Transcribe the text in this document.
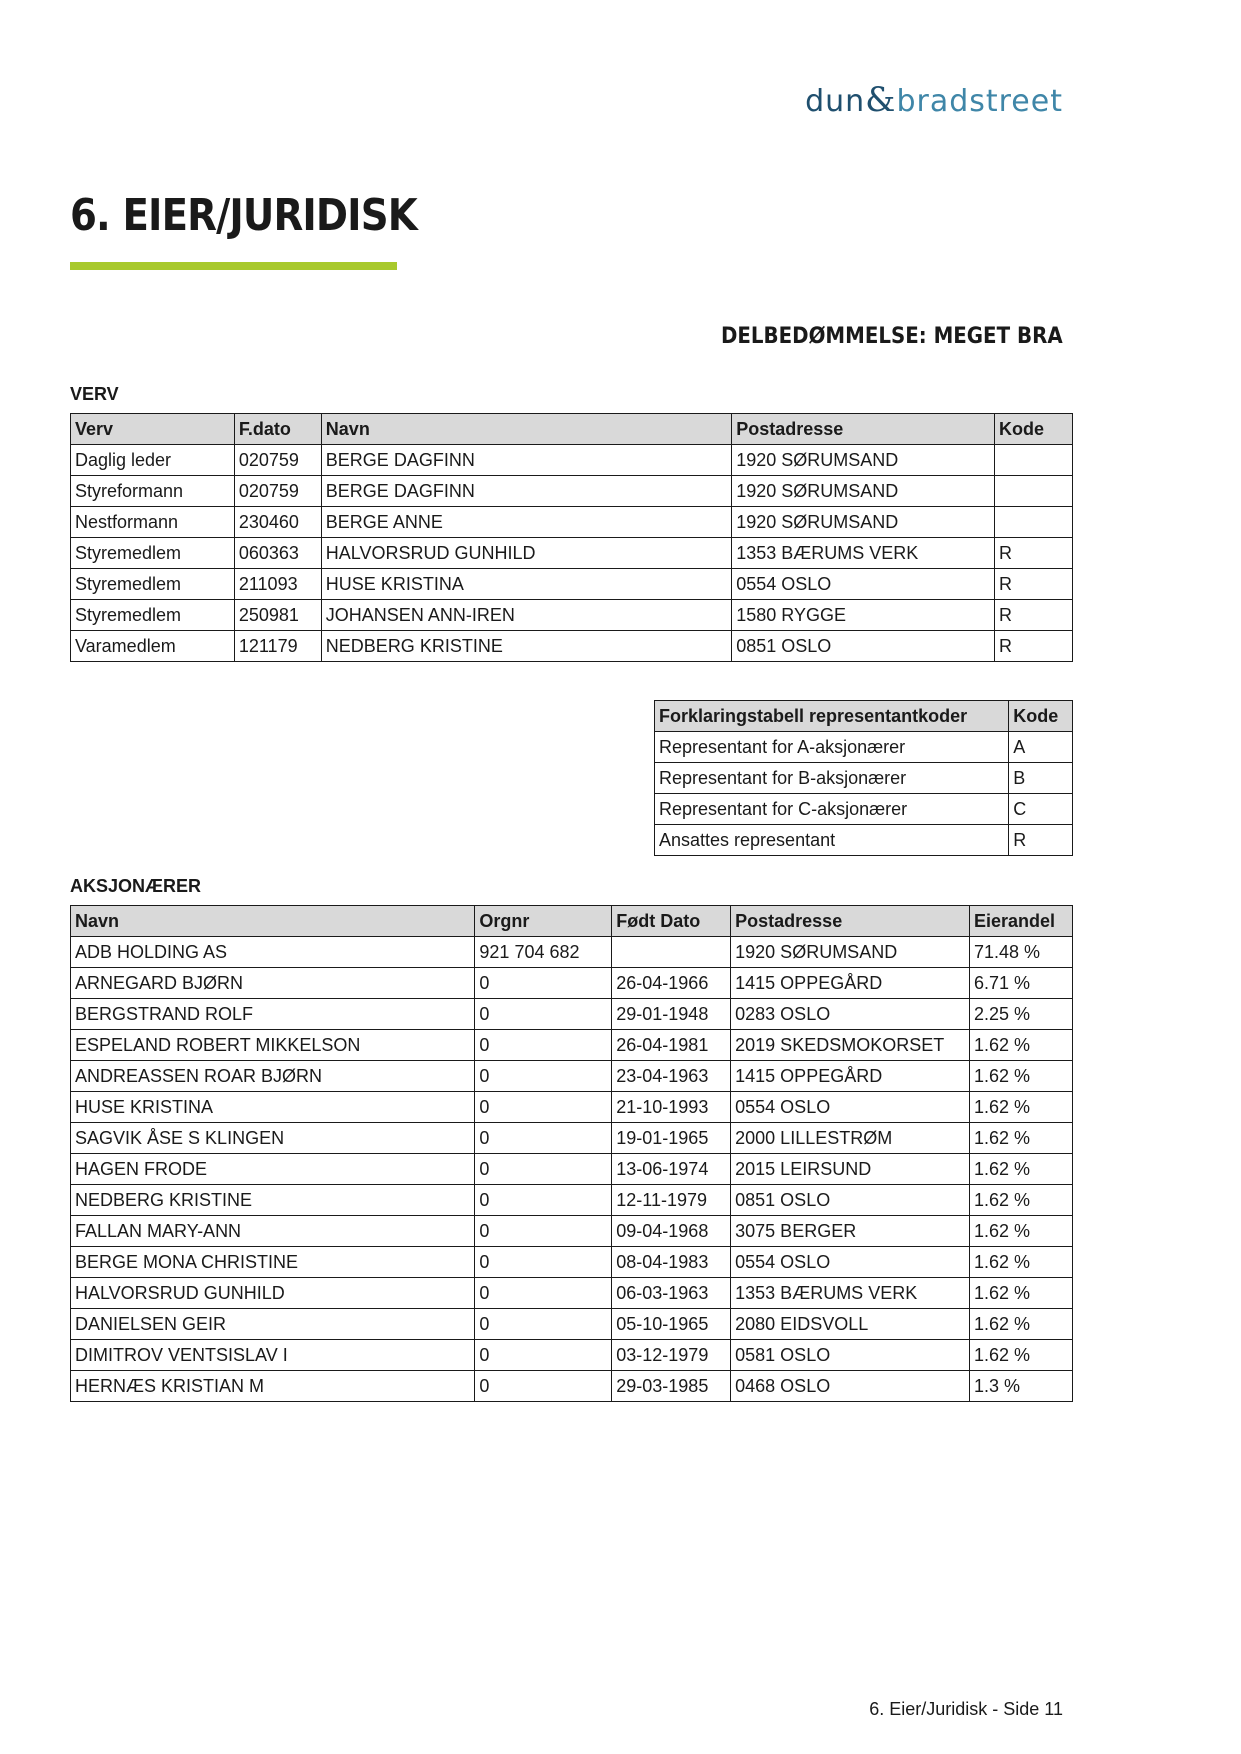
dun&bradstreet
6. EIER/JURIDISK
DELBEDØMMELSE: MEGET BRA
VERV
Verv	F.dato	Navn	Postadresse	Kode
Daglig leder	020759	BERGE DAGFINN	1920 SØRUMSAND	
Styreformann	020759	BERGE DAGFINN	1920 SØRUMSAND	
Nestformann	230460	BERGE ANNE	1920 SØRUMSAND	
Styremedlem	060363	HALVORSRUD GUNHILD	1353 BÆRUMS VERK	R
Styremedlem	211093	HUSE KRISTINA	0554 OSLO	R
Styremedlem	250981	JOHANSEN ANN-IREN	1580 RYGGE	R
Varamedlem	121179	NEDBERG KRISTINE	0851 OSLO	R
Forklaringstabell representantkoder	Kode
Representant for A-aksjonærer	A
Representant for B-aksjonærer	B
Representant for C-aksjonærer	C
Ansattes representant	R
AKSJONÆRER
Navn	Orgnr	Født Dato	Postadresse	Eierandel
ADB HOLDING AS	921 704 682		1920 SØRUMSAND	71.48 %
ARNEGARD BJØRN	0	26-04-1966	1415 OPPEGÅRD	6.71 %
BERGSTRAND ROLF	0	29-01-1948	0283 OSLO	2.25 %
ESPELAND ROBERT MIKKELSON	0	26-04-1981	2019 SKEDSMOKORSET	1.62 %
ANDREASSEN ROAR BJØRN	0	23-04-1963	1415 OPPEGÅRD	1.62 %
HUSE KRISTINA	0	21-10-1993	0554 OSLO	1.62 %
SAGVIK ÅSE S KLINGEN	0	19-01-1965	2000 LILLESTRØM	1.62 %
HAGEN FRODE	0	13-06-1974	2015 LEIRSUND	1.62 %
NEDBERG KRISTINE	0	12-11-1979	0851 OSLO	1.62 %
FALLAN MARY-ANN	0	09-04-1968	3075 BERGER	1.62 %
BERGE MONA CHRISTINE	0	08-04-1983	0554 OSLO	1.62 %
HALVORSRUD GUNHILD	0	06-03-1963	1353 BÆRUMS VERK	1.62 %
DANIELSEN GEIR	0	05-10-1965	2080 EIDSVOLL	1.62 %
DIMITROV VENTSISLAV I	0	03-12-1979	0581 OSLO	1.62 %
HERNÆS KRISTIAN M	0	29-03-1985	0468 OSLO	1.3 %
6. Eier/Juridisk - Side 11
